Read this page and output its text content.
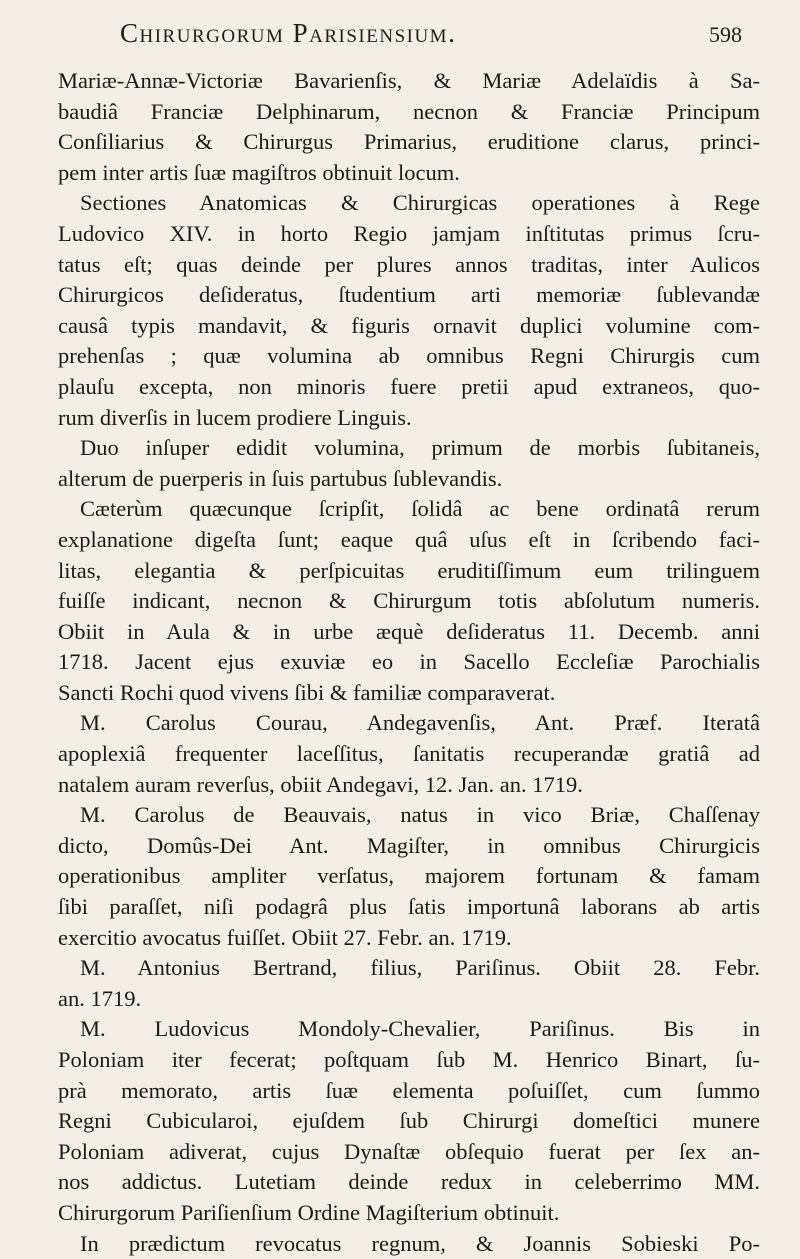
Chirurgorum Parisiensium.	598
Mariæ-Annæ-Victoriæ Bavarienſis, & Mariæ Adelaïdis à Sa-
baudiâ Franciæ Delphinarum, necnon & Franciæ Principum
Conſiliarius & Chirurgus Primarius, eruditione clarus, princi-
pem inter artis ſuæ magiſtros obtinuit locum.
Sectiones Anatomicas & Chirurgicas operationes à Rege
Ludovico XIV. in horto Regio jamjam inſtitutas primus ſcru-
tatus eſt; quas deinde per plures annos traditas, inter Aulicos
Chirurgicos deſideratus, ſtudentium arti memoriæ ſublevandæ
causâ typis mandavit, & figuris ornavit duplici volumine com-
prehenſas ; quæ volumina ab omnibus Regni Chirurgis cum
plauſu excepta, non minoris fuere pretii apud extraneos, quo-
rum diverſis in lucem prodiere Linguis.
Duo inſuper edidit volumina, primum de morbis ſubitaneis,
alterum de puerperis in ſuis partubus ſublevandis.
Cæterùm quæcunque ſcripſit, ſolidâ ac bene ordinatâ rerum
explanatione digeſta ſunt; eaque quâ uſus eſt in ſcribendo faci-
litas, elegantia & perſpicuitas eruditiſſimum eum trilinguem
fuiſſe indicant, necnon & Chirurgum totis abſolutum numeris.
Obiit in Aula & in urbe æquè deſideratus 11. Decemb. anni
1718. Jacent ejus exuviæ eo in Sacello Eccleſiæ Parochialis
Sancti Rochi quod vivens ſibi & familiæ comparaverat.
M. Carolus Courau, Andegavenſis, Ant. Præf. Iteratâ
apoplexiâ frequenter laceſſitus, ſanitatis recuperandæ gratiâ ad
natalem auram reverſus, obiit Andegavi, 12. Jan. an. 1719.
M. Carolus de Beauvais, natus in vico Briæ, Chaſſenay
dicto, Domûs-Dei Ant. Magiſter, in omnibus Chirurgicis
operationibus ampliter verſatus, majorem fortunam & famam
ſibi paraſſet, niſi podagrâ plus ſatis importunâ laborans ab artis
exercitio avocatus fuiſſet. Obiit 27. Febr. an. 1719.
M. Antonius Bertrand, filius, Pariſinus. Obiit 28. Febr.
an. 1719.
M. Ludovicus Mondoly-Chevalier, Pariſinus. Bis in
Poloniam iter fecerat; poſtquam ſub M. Henrico Binart, ſu-
prà memorato, artis ſuæ elementa poſuiſſet, cum ſummo
Regni Cubicularoi, ejuſdem ſub Chirurgi domeſtici munere
Poloniam adiverat, cujus Dynaſtæ obſequio fuerat per ſex an-
nos addictus. Lutetiam deinde redux in celeberrimo MM.
Chirurgorum Pariſienſium Ordine Magiſterium obtinuit.
In prædictum revocatus regnum, & Joannis Sobieski Po-
